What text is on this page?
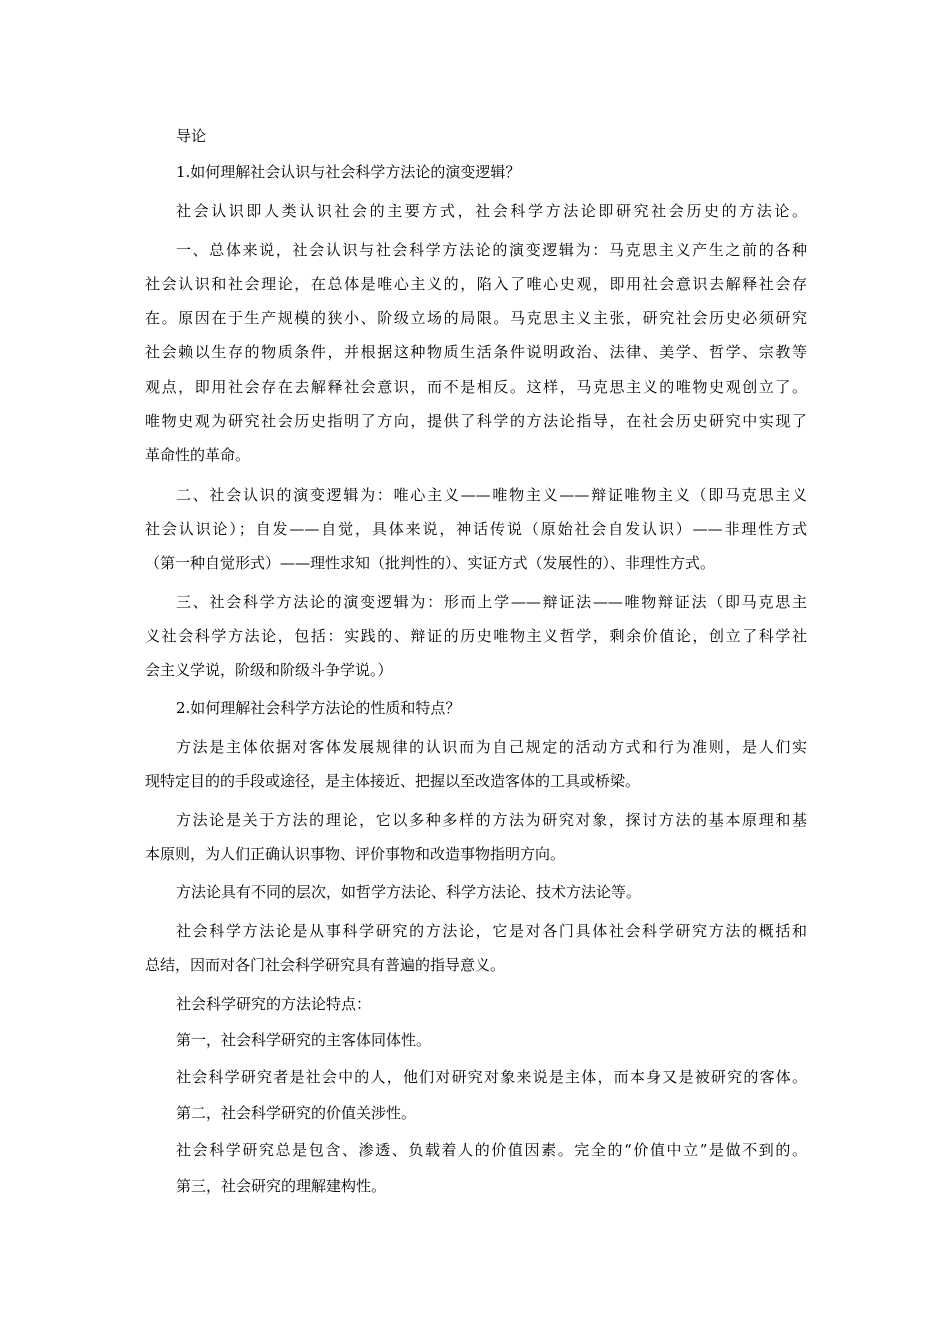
导论
1.如何理解社会认识与社会科学方法论的演变逻辑？
社会认识即人类认识社会的主要方式，社会科学方法论即研究社会历史的方法论。
一、总体来说，社会认识与社会科学方法论的演变逻辑为：马克思主义产生之前的各种
社会认识和社会理论，在总体是唯心主义的，陷入了唯心史观，即用社会意识去解释社会存
在。原因在于生产规模的狭小、阶级立场的局限。马克思主义主张，研究社会历史必须研究
社会赖以生存的物质条件，并根据这种物质生活条件说明政治、法律、美学、哲学、宗教等
观点，即用社会存在去解释社会意识，而不是相反。这样，马克思主义的唯物史观创立了。
唯物史观为研究社会历史指明了方向，提供了科学的方法论指导，在社会历史研究中实现了
革命性的革命。
二、社会认识的演变逻辑为：唯心主义——唯物主义——辩证唯物主义（即马克思主义
社会认识论）；自发——自觉，具体来说，神话传说（原始社会自发认识）——非理性方式
（第一种自觉形式）——理性求知（批判性的）、实证方式（发展性的）、非理性方式。
三、社会科学方法论的演变逻辑为：形而上学——辩证法——唯物辩证法（即马克思主
义社会科学方法论，包括：实践的、辩证的历史唯物主义哲学，剩余价值论，创立了科学社
会主义学说，阶级和阶级斗争学说。）
2.如何理解社会科学方法论的性质和特点？
方法是主体依据对客体发展规律的认识而为自己规定的活动方式和行为准则，是人们实
现特定目的的手段或途径，是主体接近、把握以至改造客体的工具或桥梁。
方法论是关于方法的理论，它以多种多样的方法为研究对象，探讨方法的基本原理和基
本原则，为人们正确认识事物、评价事物和改造事物指明方向。
方法论具有不同的层次，如哲学方法论、科学方法论、技术方法论等。
社会科学方法论是从事科学研究的方法论，它是对各门具体社会科学研究方法的概括和
总结，因而对各门社会科学研究具有普遍的指导意义。
社会科学研究的方法论特点：
第一，社会科学研究的主客体同体性。
社会科学研究者是社会中的人，他们对研究对象来说是主体，而本身又是被研究的客体。
第二，社会科学研究的价值关涉性。
社会科学研究总是包含、渗透、负载着人的价值因素。完全的“价值中立”是做不到的。
第三，社会研究的理解建构性。
